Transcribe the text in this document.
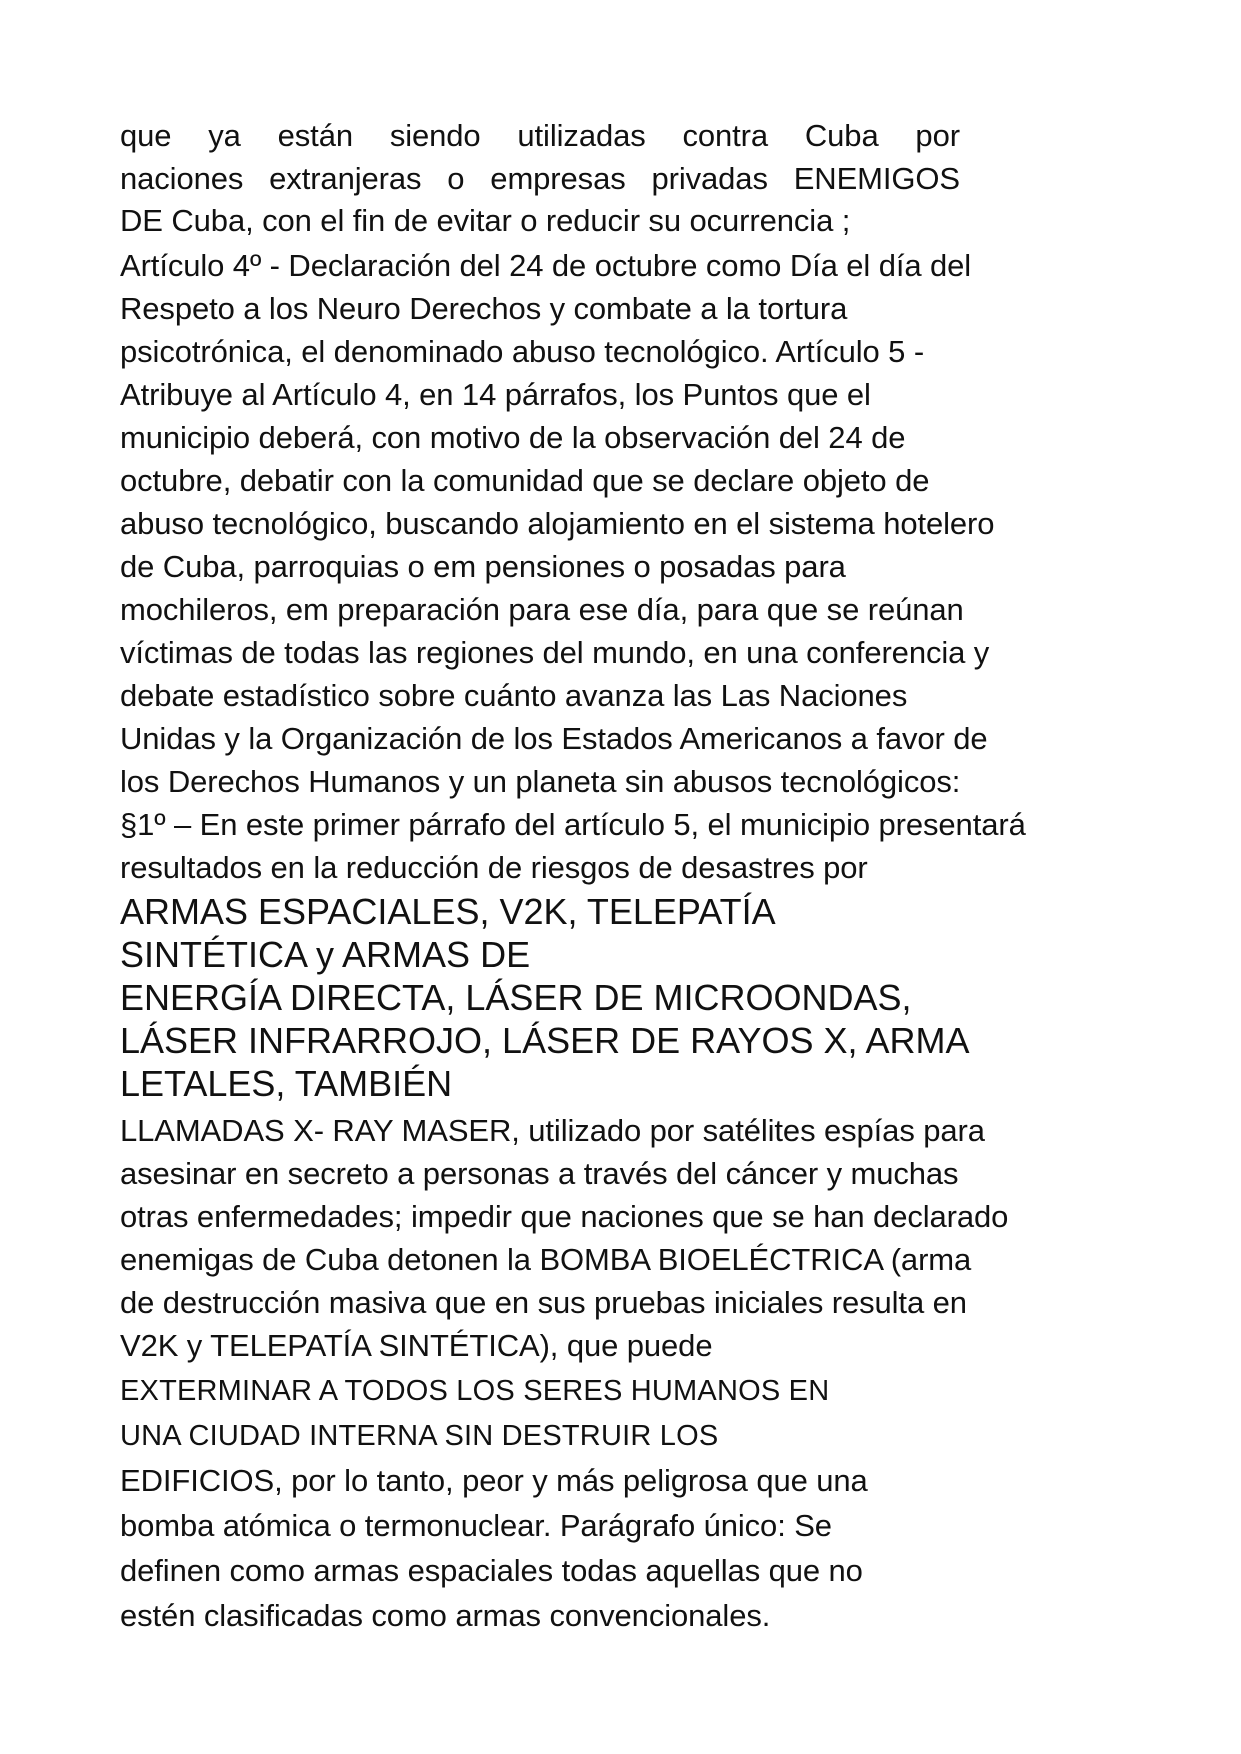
que ya están siendo utilizadas contra Cuba por
naciones extranjeras o empresas privadas ENEMIGOS
DE Cuba, con el fin de evitar o reducir su ocurrencia ;
Artículo 4º - Declaración del 24 de octubre como Día el día del
Respeto a los Neuro Derechos y combate a la tortura
psicotrónica, el denominado abuso tecnológico. Artículo 5 -
Atribuye al Artículo 4, en 14 párrafos, los Puntos que el
municipio deberá, con motivo de la observación del 24 de
octubre, debatir con la comunidad que se declare objeto de
abuso tecnológico, buscando alojamiento en el sistema hotelero
de Cuba, parroquias o em pensiones o posadas para
mochileros, em preparación para ese día, para que se reúnan
víctimas de todas las regiones del mundo, en una conferencia y
debate estadístico sobre cuánto avanza las Las Naciones
Unidas y la Organización de los Estados Americanos a favor de
los Derechos Humanos y un planeta sin abusos tecnológicos:
§1º – En este primer párrafo del artículo 5, el municipio presentará
resultados en la reducción de riesgos de desastres por
ARMAS ESPACIALES, V2K, TELEPATÍA
SINTÉTICA y ARMAS DE
ENERGÍA DIRECTA, LÁSER DE MICROONDAS,
LÁSER INFRARROJO, LÁSER DE RAYOS X, ARMA
LETALES, TAMBIÉN
LLAMADAS X- RAY MASER, utilizado por satélites espías para
asesinar en secreto a personas a través del cáncer y muchas
otras enfermedades; impedir que naciones que se han declarado
enemigas de Cuba detonen la BOMBA BIOELÉCTRICA (arma
de destrucción masiva que en sus pruebas iniciales resulta en
V2K y TELEPATÍA SINTÉTICA), que puede
EXTERMINAR A TODOS LOS SERES HUMANOS EN
UNA CIUDAD INTERNA SIN DESTRUIR LOS
EDIFICIOS, por lo tanto, peor y más peligrosa que una
bomba atómica o termonuclear. Parágrafo único: Se
definen como armas espaciales todas aquellas que no
estén clasificadas como armas convencionales.
